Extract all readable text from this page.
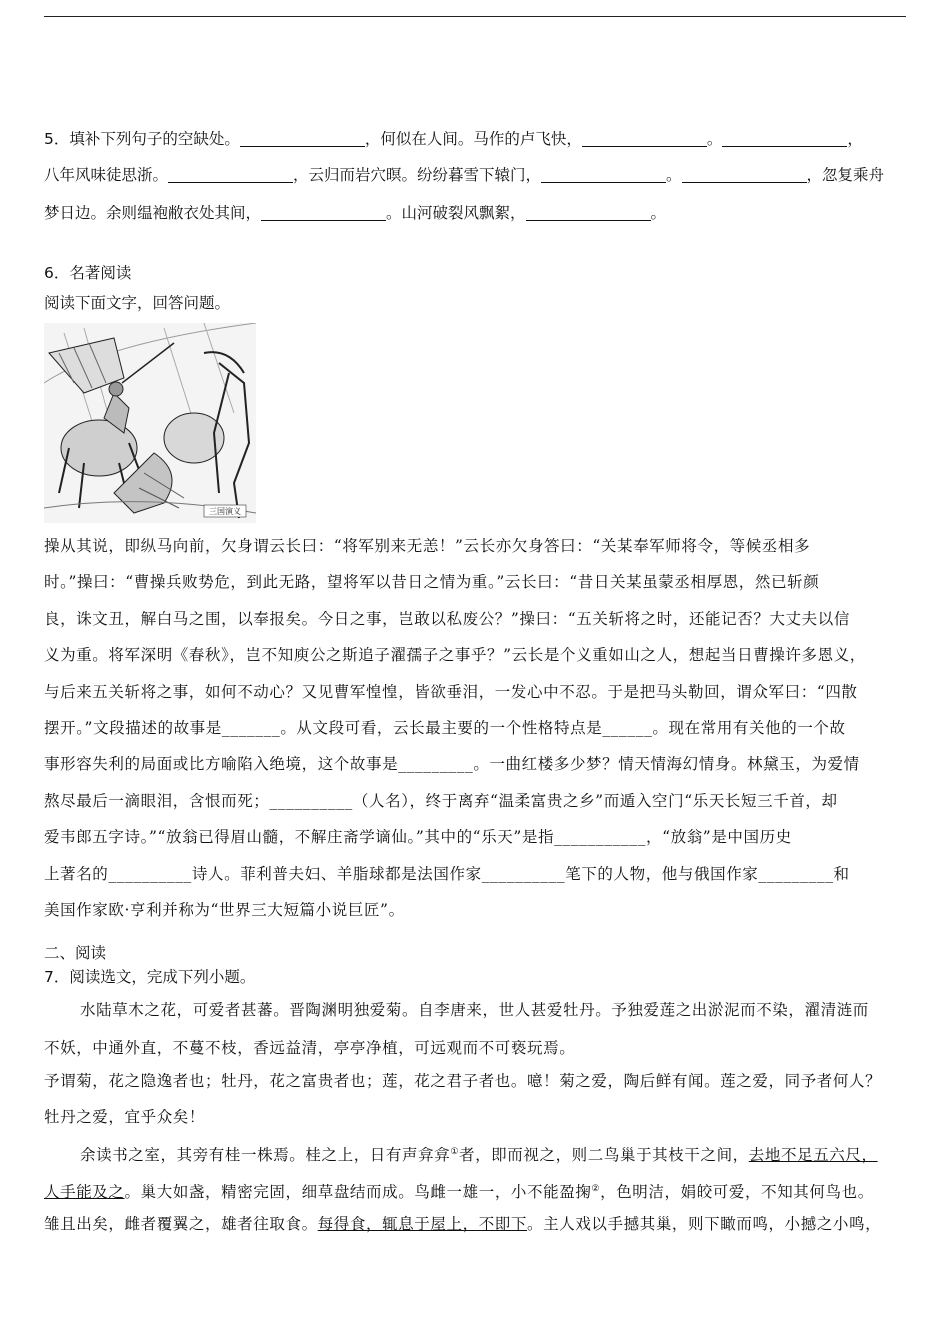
5．填补下列句子的空缺处。	，何似在人间。马作的卢飞快，	。	，
八年风味徒思浙。	，云归而岩穴暝。纷纷暮雪下辕门，	。	，忽复乘舟
梦日边。余则缊袍敝衣处其间，	。山河破裂风飘絮，	。
6．名著阅读
阅读下面文字，回答问题。
三国演义
操从其说，即纵马向前，欠身谓云长曰：“将军别来无恙！”云长亦欠身答曰：“关某奉军师将令，等候丞相多
时。”操曰：“曹操兵败势危，到此无路，望将军以昔日之情为重。”云长曰：“昔日关某虽蒙丞相厚恩，然已斩颜
良，诛文丑，解白马之围，以奉报矣。今日之事，岂敢以私废公？”操曰：“五关斩将之时，还能记否？大丈夫以信
义为重。将军深明《春秋》，岂不知庾公之斯追子濯孺子之事乎？”云长是个义重如山之人，想起当日曹操许多恩义，
与后来五关斩将之事，如何不动心？又见曹军惶惶，皆欲垂泪，一发心中不忍。于是把马头勒回，谓众军曰：“四散
摆开。”文段描述的故事是_______。从文段可看，云长最主要的一个性格特点是______。现在常用有关他的一个故
事形容失利的局面或比方喻陷入绝境，这个故事是_________。一曲红楼多少梦？情天情海幻情身。林黛玉，为爱情
熬尽最后一滴眼泪，含恨而死；__________（人名），终于离弃“温柔富贵之乡”而遁入空门“乐天长短三千首，却
爱韦郎五字诗。”“放翁已得眉山髓，不解庄斋学谪仙。”其中的“乐天”是指___________，“放翁”是中国历史
上著名的__________诗人。菲利普夫妇、羊脂球都是法国作家__________笔下的人物，他与俄国作家_________和
美国作家欧·亨利并称为“世界三大短篇小说巨匠”。
二、阅读
7．阅读选文，完成下列小题。
水陆草木之花，可爱者甚蕃。晋陶渊明独爱菊。自李唐来，世人甚爱牡丹。予独爱莲之出淤泥而不染，濯清涟而
不妖，中通外直，不蔓不枝，香远益清，亭亭净植，可远观而不可亵玩焉。
予谓菊，花之隐逸者也；牡丹，花之富贵者也；莲，花之君子者也。噫！菊之爱，陶后鲜有闻。莲之爱，同予者何人？
牡丹之爱，宜乎众矣！
余读书之室，其旁有桂一株焉。桂之上，日有声弇弇①者，即而视之，则二鸟巢于其枝干之间，去地不足五六尺，
人手能及之。巢大如盏，精密完固，细草盘结而成。鸟雌一雄一，小不能盈掬②，色明洁，娟皎可爱，不知其何鸟也。
雏且出矣，雌者覆翼之，雄者往取食。每得食，辄息于屋上，不即下。主人戏以手撼其巢，则下瞰而鸣，小撼之小鸣，
